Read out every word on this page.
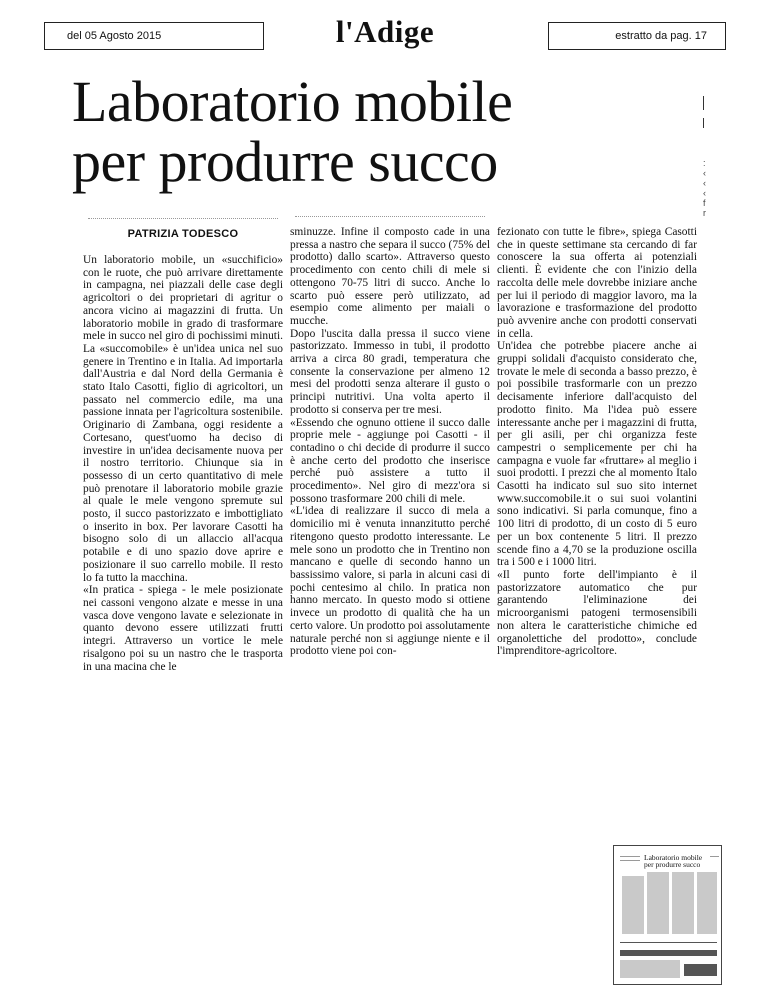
del 05 Agosto 2015	l'Adige	estratto da pag. 17
Laboratorio mobile
per produrre succo	:
‹
‹
‹
f
r
PATRIZIA TODESCO

Un laboratorio mobile, un «succhificio» con le ruote, che può arrivare direttamente in campagna, nei piazzali delle case degli agricoltori o dei proprietari di agritur o ancora vicino ai magazzini di frutta. Un laboratorio mobile in grado di trasformare mele in succo nel giro di pochissimi minuti. La «succomobile» è un'idea unica nel suo genere in Trentino e in Italia. Ad importarla dall'Austria e dal Nord della Germania è stato Italo Casotti, figlio di agricoltori, un passato nel commercio edile, ma una passione innata per l'agricoltura sostenibile. Originario di Zambana, oggi residente a Cortesano, quest'uomo ha deciso di investire in un'idea decisamente nuova per il nostro territorio. Chiunque sia in possesso di un certo quantitativo di mele può prenotare il laboratorio mobile grazie al quale le mele vengono spremute sul posto, il succo pastorizzato e imbottigliato o inserito in box. Per lavorare Casotti ha bisogno solo di un allaccio all'acqua potabile e di uno spazio dove aprire e posizionare il suo carrello mobile. Il resto lo fa tutto la macchina.

«In pratica - spiega - le mele posizionate nei cassoni vengono alzate e messe in una vasca dove vengono lavate e selezionate in quanto devono essere utilizzati frutti integri. Attraverso un vortice le mele risalgono poi su un nastro che le trasporta in una macina che le

sminuzze. Infine il composto cade in una pressa a nastro che separa il succo (75% del prodotto) dallo scarto». Attraverso questo procedimento con cento chili di mele si ottengono 70-75 litri di succo. Anche lo scarto può essere però utilizzato, ad esempio come alimento per maiali o mucche.

Dopo l'uscita dalla pressa il succo viene pastorizzato. Immesso in tubi, il prodotto arriva a circa 80 gradi, temperatura che consente la conservazione per almeno 12 mesi del prodotti senza alterare il gusto o principi nutritivi. Una volta aperto il prodotto si conserva per tre mesi.

«Essendo che ognuno ottiene il succo dalle proprie mele - aggiunge poi Casotti - il contadino o chi decide di produrre il succo è anche certo del prodotto che inserisce perché può assistere a tutto il procedimento». Nel giro di mezz'ora si possono trasformare 200 chili di mele.

«L'idea di realizzare il succo di mela a domicilio mi è venuta innanzitutto perché ritengono questo prodotto interessante. Le mele sono un prodotto che in Trentino non mancano e quelle di secondo hanno un bassissimo valore, si parla in alcuni casi di pochi centesimo al chilo. In pratica non hanno mercato. In questo modo si ottiene invece un prodotto di qualità che ha un certo valore. Un prodotto poi assolutamente naturale perché non si aggiunge niente e il prodotto viene poi con-

fezionato con tutte le fibre», spiega Casotti che in queste settimane sta cercando di far conoscere la sua offerta ai potenziali clienti. È evidente che con l'inizio della raccolta delle mele dovrebbe iniziare anche per lui il periodo di maggior lavoro, ma la lavorazione e trasformazione del prodotto può avvenire anche con prodotti conservati in cella.

Un'idea che potrebbe piacere anche ai gruppi solidali d'acquisto considerato che, trovate le mele di seconda a basso prezzo, è poi possibile trasformarle con un prezzo decisamente inferiore dall'acquisto del prodotto finito. Ma l'idea può essere interessante anche per i magazzini di frutta, per gli asili, per chi organizza feste campestri o semplicemente per chi ha campagna e vuole far «fruttare» al meglio i suoi prodotti. I prezzi che al momento Italo Casotti ha indicato sul suo sito internet www.succomobile.it o sui suoi volantini sono indicativi. Si parla comunque, fino a 100 litri di prodotto, di un costo di 5 euro per un box contenente 5 litri. Il prezzo scende fino a 4,70 se la produzione oscilla tra i 500 e i 1000 litri.

«Il punto forte dell'impianto è il pastorizzatore automatico che pur garantendo l'eliminazione dei microorganismi patogeni termosensibili non altera le caratteristiche chimiche ed organolettiche del prodotto», conclude l'imprenditore-agricoltore.

Laboratorio mobile per produrre succo
